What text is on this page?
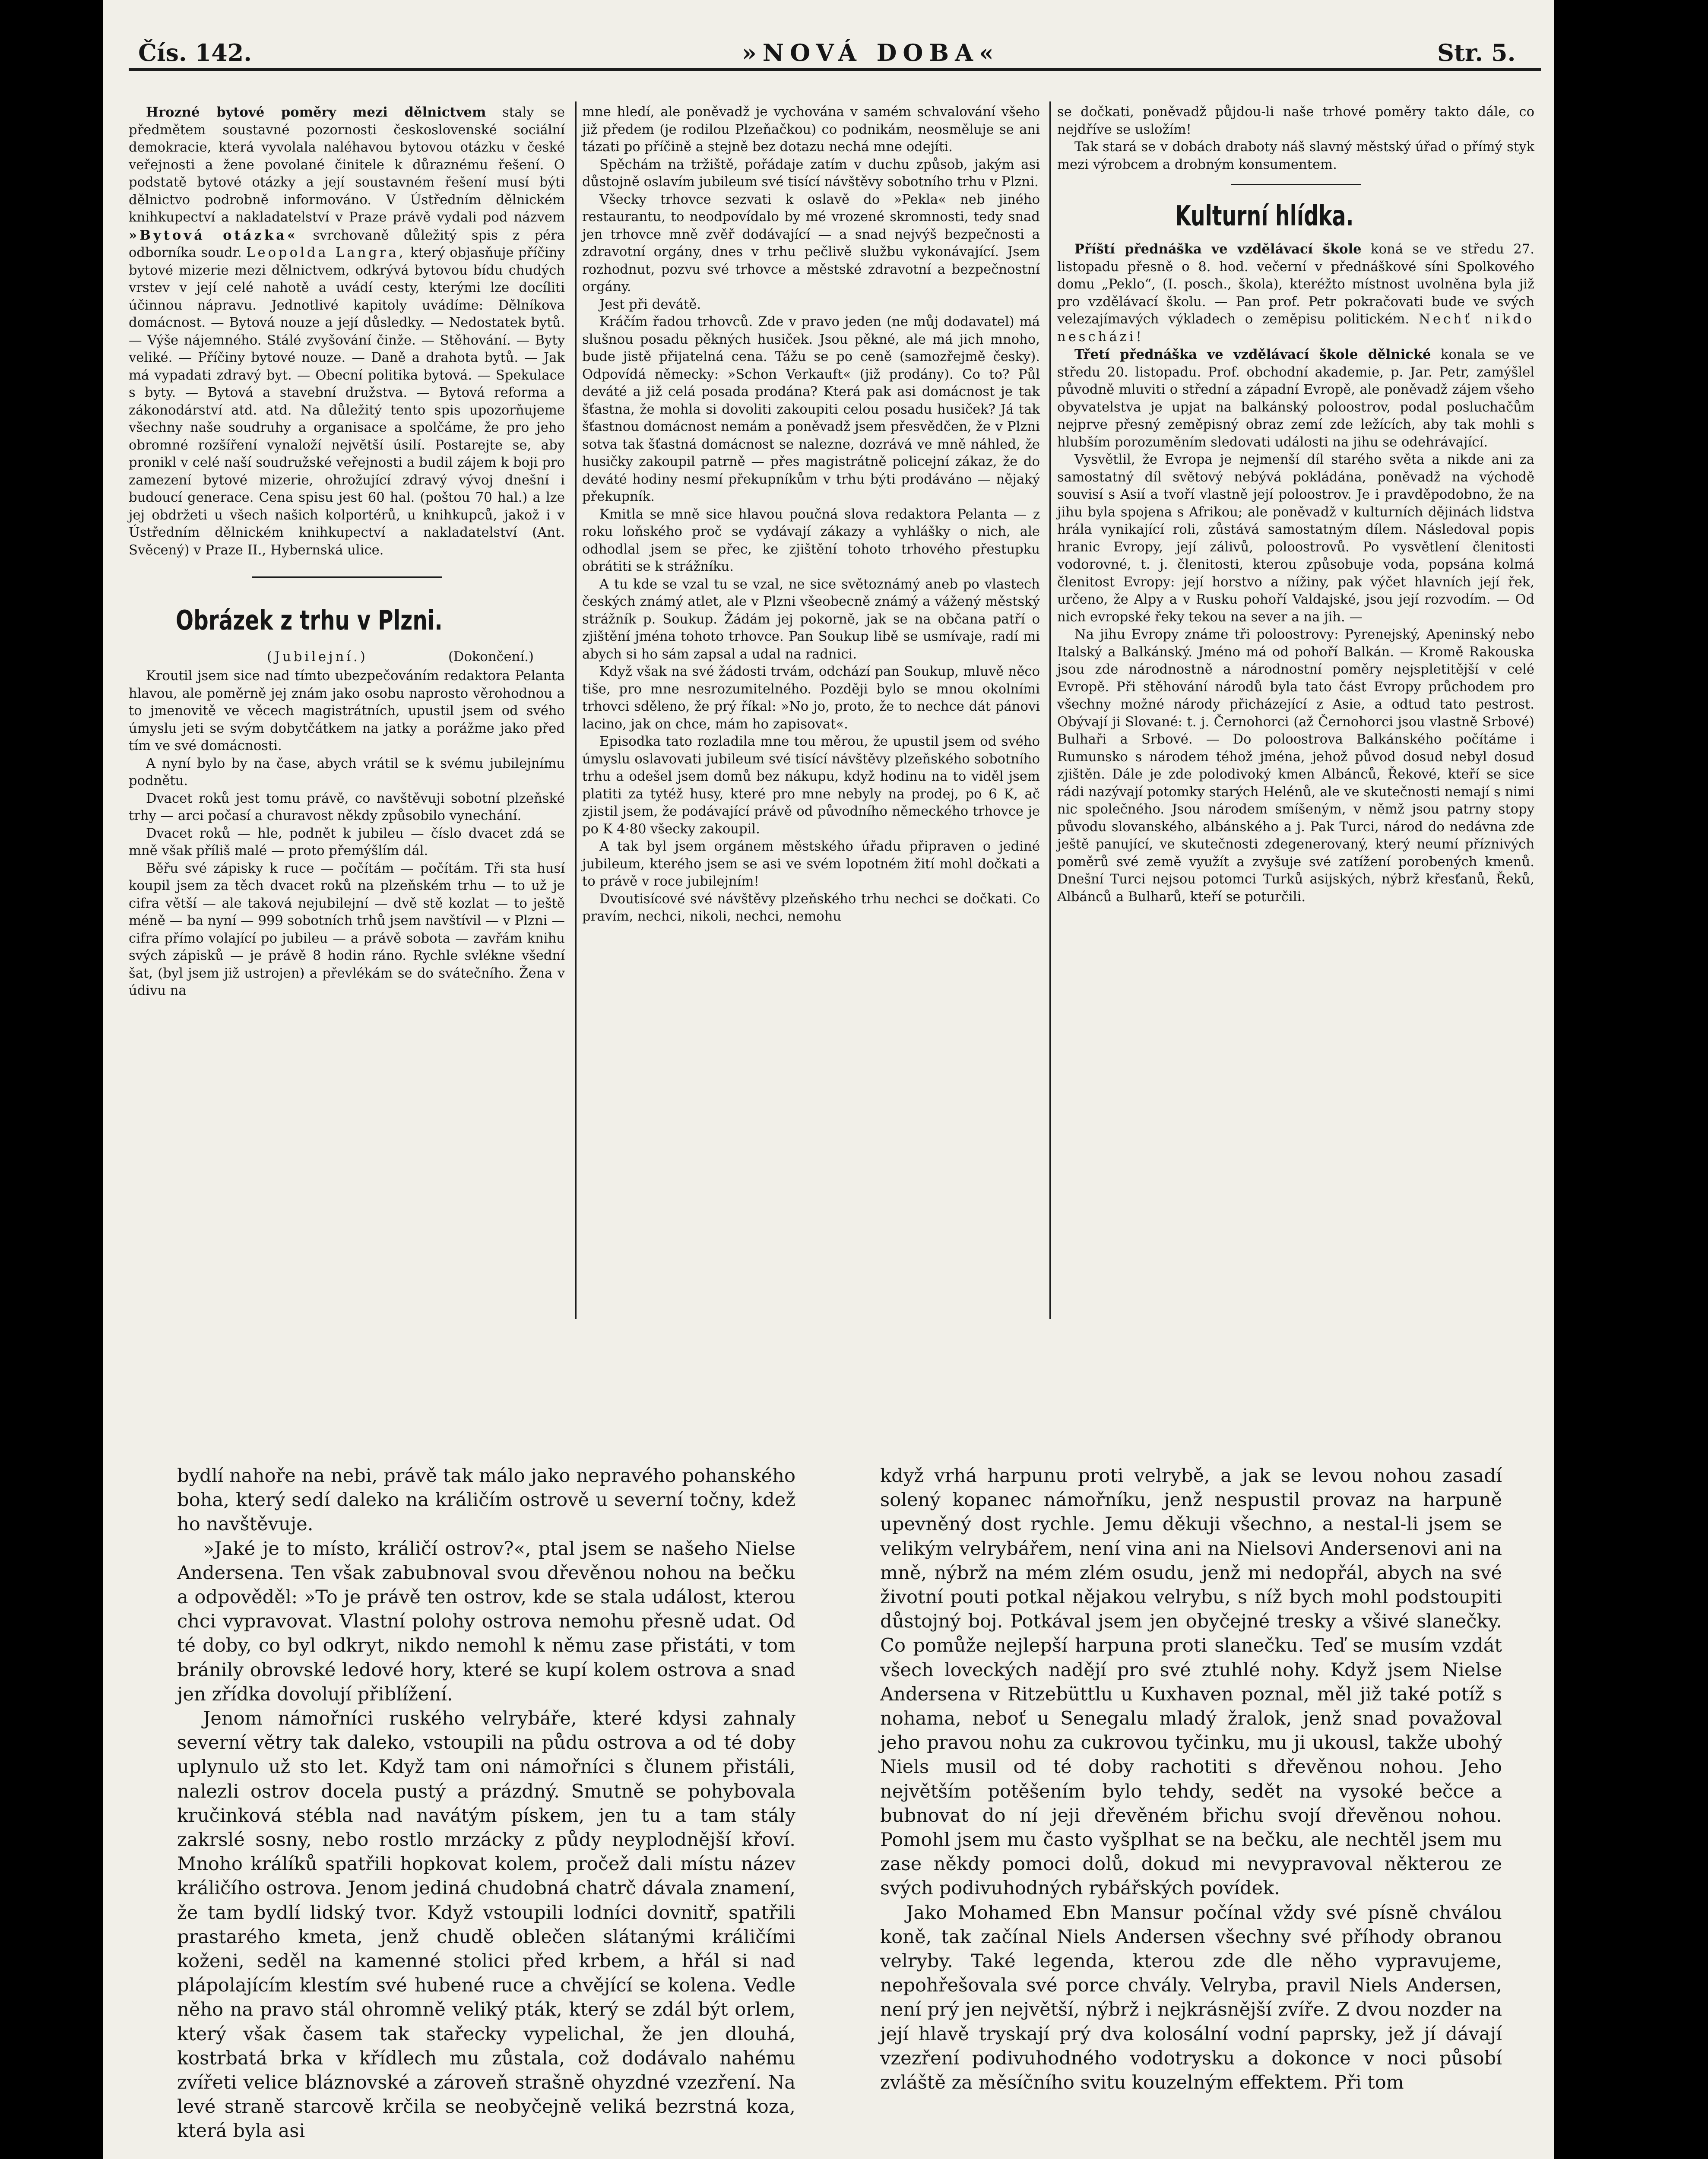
Čís. 142.	»NOVÁ DOBA«	Str. 5.

Hrozné bytové poměry mezi dělnictvem staly se předmětem soustavné pozornosti československé sociální demokracie, která vyvolala naléhavou bytovou otázku v české veřejnosti a žene povolané činitele k důraznému řešení. O podstatě bytové otázky a její soustavném řešení musí býti dělnictvo podrobně informováno. V Ústředním dělnickém knihkupectví a nakladatelství v Praze právě vydali pod názvem »Bytová otázka« svrchovaně důležitý spis z péra odborníka soudr. Leopolda Langra, který objasňuje příčiny bytové mizerie mezi dělnictvem, odkrývá bytovou bídu chudých vrstev v její celé nahotě a uvádí cesty, kterými lze docíliti účinnou nápravu. Jednotlivé kapitoly uvádíme: Dělníkova domácnost. — Bytová nouze a její důsledky. — Nedostatek bytů. — Výše nájemného. Stálé zvyšování činže. — Stěhování. — Byty veliké. — Příčiny bytové nouze. — Daně a drahota bytů. — Jak má vypadati zdravý byt. — Obecní politika bytová. — Spekulace s byty. — Bytová a stavební družstva. — Bytová reforma a zákonodárství atd. atd. Na důležitý tento spis upozorňujeme všechny naše soudruhy a organisace a spolčáme, že pro jeho obromné rozšíření vynaloží největší úsilí. Postarejte se, aby pronikl v celé naší soudružské veřejnosti a budil zájem k boji pro zamezení bytové mizerie, ohrožující zdravý vývoj dnešní i budoucí generace. Cena spisu jest 60 hal. (poštou 70 hal.) a lze jej obdržeti u všech našich kolportérů, u knihkupců, jakož i v Ústředním dělnickém knihkupectví a nakladatelství (Ant. Svěcený) v Praze II., Hybernská ulice.

Obrázek z trhu v Plzni.
(Jubilejní.)	(Dokončení.)

Kroutil jsem sice nad tímto ubezpečováním redaktora Pelanta hlavou, ale poměrně jej znám jako osobu naprosto věrohodnou a to jmenovitě ve věcech magistrátních, upustil jsem od svého úmyslu jeti se svým dobytčátkem na jatky a porážme jako před tím ve své domácnosti.

A nyní bylo by na čase, abych vrátil se k svému jubilejnímu podnětu.

Dvacet roků jest tomu právě, co navštěvuji sobotní plzeňské trhy — arci počasí a churavost někdy způsobilo vynechání.

Dvacet roků — hle, podnět k jubileu — číslo dvacet zdá se mně však příliš malé — proto přemýšlím dál.

Běřu své zápisky k ruce — počítám — počítám. Tři sta husí koupil jsem za těch dvacet roků na plzeňském trhu — to už je cifra větší — ale taková nejubilejní — dvě stě kozlat — to ještě méně — ba nyní — 999 sobotních trhů jsem navštívil — v Plzni — cifra přímo volající po jubileu — a právě sobota — zavřám knihu svých zápisků — je právě 8 hodin ráno. Rychle svlékne všední šat, (byl jsem již ustrojen) a převlékám se do svátečního. Žena v údivu na

mne hledí, ale poněvadž je vychována v samém schvalování všeho již předem (je rodilou Plzeňačkou) co podnikám, neosměluje se ani tázati po příčině a stejně bez dotazu nechá mne odejíti.

Spěchám na tržiště, pořádaje zatím v duchu způsob, jakým asi důstojně oslavím jubileum své tisící návštěvy sobotního trhu v Plzni.

Všecky trhovce sezvati k oslavě do »Pekla« neb jiného restaurantu, to neodpovídalo by mé vrozené skromnosti, tedy snad jen trhovce mně zvěř dodávající — a snad nejvýš bezpečnosti a zdravotní orgány, dnes v trhu pečlivě službu vykonávající. Jsem rozhodnut, pozvu své trhovce a městské zdravotní a bezpečnostní orgány.

Jest při devátě.

Kráčím řadou trhovců. Zde v pravo jeden (ne můj dodavatel) má slušnou posadu pěkných husiček. Jsou pěkné, ale má jich mnoho, bude jistě přijatelná cena. Tážu se po ceně (samozřejmě česky). Odpovídá německy: »Schon Verkauft« (již prodány). Co to? Půl deváté a již celá posada prodána? Která pak asi domácnost je tak šťastna, že mohla si dovoliti zakoupiti celou posadu husiček? Já tak šťastnou domácnost nemám a poněvadž jsem přesvědčen, že v Plzni sotva tak šťastná domácnost se nalezne, dozrává ve mně náhled, že husičky zakoupil patrně — přes magistrátně policejní zákaz, že do deváté hodiny nesmí překupníkům v trhu býti prodáváno — nějaký překupník.

Kmitla se mně sice hlavou poučná slova redaktora Pelanta — z roku loňského proč se vydávají zákazy a vyhlášky o nich, ale odhodlal jsem se přec, ke zjištění tohoto trhového přestupku obrátiti se k strážníku.

A tu kde se vzal tu se vzal, ne sice světoznámý aneb po vlastech českých známý atlet, ale v Plzni všeobecně známý a vážený městský strážník p. Soukup. Žádám jej pokorně, jak se na občana patří o zjištění jména tohoto trhovce. Pan Soukup libě se usmívaje, radí mi abych si ho sám zapsal a udal na radnici.

Když však na své žádosti trvám, odchází pan Soukup, mluvě něco tiše, pro mne nesrozumitelného. Později bylo se mnou okolními trhovci sděleno, že prý říkal: »No jo, proto, že to nechce dát pánovi lacino, jak on chce, mám ho zapisovat«.

Episodka tato rozladila mne tou měrou, že upustil jsem od svého úmyslu oslavovati jubileum své tisící návštěvy plzeňského sobotního trhu a odešel jsem domů bez nákupu, když hodinu na to viděl jsem platiti za tytéž husy, které pro mne nebyly na prodej, po 6 K, ač zjistil jsem, že podávající právě od původního německého trhovce je po K 4·80 všecky zakoupil.

A tak byl jsem orgánem městského úřadu připraven o jediné jubileum, kterého jsem se asi ve svém lopotném žití mohl dočkati a to právě v roce jubilejním!

Dvoutisícové své návštěvy plzeňského trhu nechci se dočkati. Co pravím, nechci, nikoli, nechci, nemohu

se dočkati, poněvadž půjdou-li naše trhové poměry takto dále, co nejdříve se usložím!

Tak stará se v dobách draboty náš slavný městský úřad o přímý styk mezi výrobcem a drobným konsumentem.

Kulturní hlídka.

Příští přednáška ve vzdělávací škole koná se ve středu 27. listopadu přesně o 8. hod. večerní v přednáškové síni Spolkového domu „Peklo“, (I. posch., škola), kteréžto místnost uvolněna byla již pro vzdělávací školu. — Pan prof. Petr pokračovati bude ve svých velezajímavých výkladech o zeměpisu politickém. Nechť nikdo nescházi!

Třetí přednáška ve vzdělávací škole dělnické konala se ve středu 20. listopadu. Prof. obchodní akademie, p. Jar. Petr, zamýšlel původně mluviti o střední a západní Evropě, ale poněvadž zájem všeho obyvatelstva je upjat na balkánský poloostrov, podal posluchačům nejprve přesný zeměpisný obraz zemí zde ležících, aby tak mohli s hlubším porozuměním sledovati události na jihu se odehrávající.

Vysvětlil, že Evropa je nejmenší díl starého světa a nikde ani za samostatný díl světový nebývá pokládána, poněvadž na východě souvisí s Asií a tvoří vlastně její poloostrov. Je i pravděpodobno, že na jihu byla spojena s Afrikou; ale poněvadž v kulturních dějinách lidstva hrála vynikající roli, zůstává samostatným dílem. Následoval popis hranic Evropy, její zálivů, poloostrovů. Po vysvětlení členitosti vodorovné, t. j. členitosti, kterou způsobuje voda, popsána kolmá členitost Evropy: její horstvo a nížiny, pak výčet hlavních její řek, určeno, že Alpy a v Rusku pohoří Valdajské, jsou její rozvodím. — Od nich evropské řeky tekou na sever a na jih. —

Na jihu Evropy známe tři poloostrovy: Pyrenejský, Apeninský nebo Italský a Balkánský. Jméno má od pohoří Balkán. — Kromě Rakouska jsou zde národnostně a národnostní poměry nejspletitější v celé Evropě. Při stěhování národů byla tato část Evropy průchodem pro všechny možné národy přicházející z Asie, a odtud tato pestrost. Obývají ji Slované: t. j. Černohorci (až Černohorci jsou vlastně Srbové) Bulhaři a Srbové. — Do poloostrova Balkánského počítáme i Rumunsko s národem téhož jména, jehož původ dosud nebyl dosud zjištěn. Dále je zde polodivoký kmen Albánců, Řekové, kteří se sice rádi nazývají potomky starých Helénů, ale ve skutečnosti nemají s nimi nic společného. Jsou národem smíšeným, v němž jsou patrny stopy původu slovanského, albánského a j. Pak Turci, národ do nedávna zde ještě panující, ve skutečnosti zdegenerovaný, který neumí příznivých poměrů své země využít a zvyšuje své zatížení porobených kmenů. Dnešní Turci nejsou potomci Turků asijských, nýbrž křesťanů, Řeků, Albánců a Bulharů, kteří se poturčili.

bydlí nahoře na nebi, právě tak málo jako nepravého pohanského boha, který sedí daleko na králičím ostrově u severní točny, kdež ho navštěvuje.

»Jaké je to místo, králičí ostrov?«, ptal jsem se našeho Nielse Andersena. Ten však zabubnoval svou dřevěnou nohou na bečku a odpověděl: »To je právě ten ostrov, kde se stala událost, kterou chci vypravovat. Vlastní polohy ostrova nemohu přesně udat. Od té doby, co byl odkryt, nikdo nemohl k němu zase přistáti, v tom bránily obrovské ledové hory, které se kupí kolem ostrova a snad jen zřídka dovolují přiblížení.

Jenom námořníci ruského velrybáře, které kdysi zahnaly severní větry tak daleko, vstoupili na půdu ostrova a od té doby uplynulo už sto let. Když tam oni námořníci s člunem přistáli, nalezli ostrov docela pustý a prázdný. Smutně se pohybovala kručinková stébla nad navátým pískem, jen tu a tam stály zakrslé sosny, nebo rostlo mrzácky z půdy neyplodnější křoví. Mnoho králíků spatřili hopkovat kolem, pročež dali místu název králičího ostrova. Jenom jediná chudobná chatrč dávala znamení, že tam bydlí lidský tvor. Když vstoupili lodníci dovnitř, spatřili prastarého kmeta, jenž chudě oblečen slátanými králičími koženi, seděl na kamenné stolici před krbem, a hřál si nad plápolajícím klestím své hubené ruce a chvějící se kolena. Vedle něho na pravo stál ohromně veliký pták, který se zdál být orlem, který však časem tak stařecky vypelichal, že jen dlouhá, kostrbatá brka v křídlech mu zůstala, což dodávalo nahému zvířeti velice bláznovské a zároveň strašně ohyzdné vzezření. Na levé straně starcově krčila se neobyčejně veliká bezrstná koza, která byla asi

když vrhá harpunu proti velrybě, a jak se levou nohou zasadí solený kopanec námořníku, jenž nespustil provaz na harpuně upevněný dost rychle. Jemu děkuji všechno, a nestal-li jsem se velikým velrybářem, není vina ani na Nielsovi Andersenovi ani na mně, nýbrž na mém zlém osudu, jenž mi nedopřál, abych na své životní pouti potkal nějakou velrybu, s níž bych mohl podstoupiti důstojný boj. Potkával jsem jen obyčejné tresky a všivé slanečky. Co pomůže nejlepší harpuna proti slanečku. Teď se musím vzdát všech loveckých nadějí pro své ztuhlé nohy. Když jsem Nielse Andersena v Ritzebüttlu u Kuxhaven poznal, měl již také potíž s nohama, neboť u Senegalu mladý žralok, jenž snad považoval jeho pravou nohu za cukrovou tyčinku, mu ji ukousl, takže ubohý Niels musil od té doby rachotiti s dřevěnou nohou. Jeho největším potěšením bylo tehdy, sedět na vysoké bečce a bubnovat do ní jeji dřevěném břichu svojí dřevěnou nohou. Pomohl jsem mu často vyšplhat se na bečku, ale nechtěl jsem mu zase někdy pomoci dolů, dokud mi nevypravoval některou ze svých podivuhodných rybářských povídek.

Jako Mohamed Ebn Mansur počínal vždy své písně chválou koně, tak začínal Niels Andersen všechny své příhody obranou velryby. Také legenda, kterou zde dle něho vypravujeme, nepohřešovala své porce chvály. Velryba, pravil Niels Andersen, není prý jen největší, nýbrž i nejkrásnější zvíře. Z dvou nozder na její hlavě tryskají prý dva kolosální vodní paprsky, jež jí dávají vzezření podivuhodného vodotrysku a dokonce v noci působí zvláště za měsíčního svitu kouzelným effektem. Při tom
